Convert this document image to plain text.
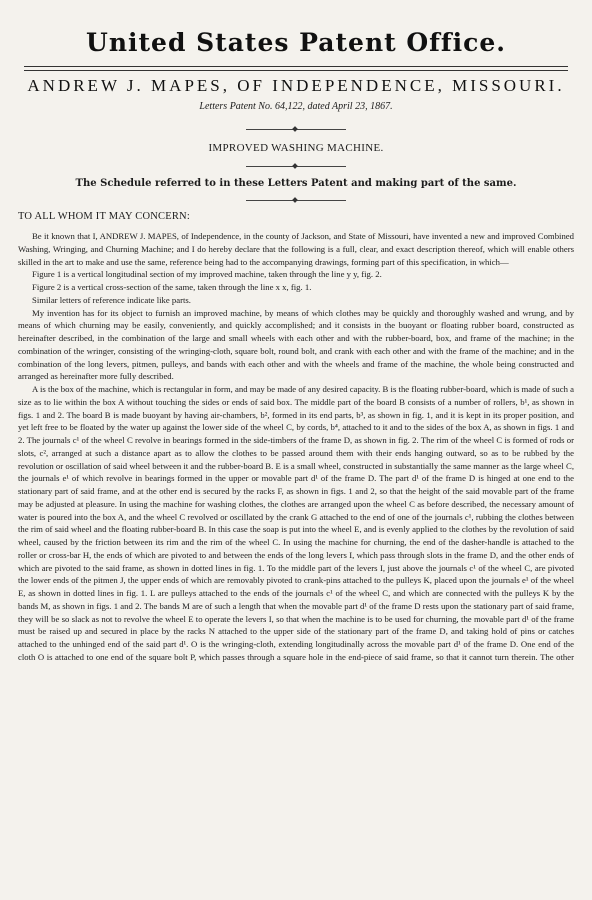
United States Patent Office.
ANDREW J. MAPES, OF INDEPENDENCE, MISSOURI.
Letters Patent No. 64,122, dated April 23, 1867.
IMPROVED WASHING MACHINE.
The Schedule referred to in these Letters Patent and making part of the same.
TO ALL WHOM IT MAY CONCERN:

Be it known that I, ANDREW J. MAPES, of Independence, in the county of Jackson, and State of Missouri, have invented a new and improved Combined Washing, Wringing, and Churning Machine; and I do hereby declare that the following is a full, clear, and exact description thereof, which will enable others skilled in the art to make and use the same, reference being had to the accompanying drawings, forming part of this specification, in which—

Figure 1 is a vertical longitudinal section of my improved machine, taken through the line y y, fig. 2.

Figure 2 is a vertical cross-section of the same, taken through the line x x, fig. 1.

Similar letters of reference indicate like parts.

My invention has for its object to furnish an improved machine, by means of which clothes may be quickly and thoroughly washed and wrung, and by means of which churning may be easily, conveniently, and quickly accomplished; and it consists in the buoyant or floating rubber board, constructed as hereinafter described, in the combination of the large and small wheels with each other and with the rubber-board, box, and frame of the machine; in the combination of the wringer, consisting of the wringing-cloth, square bolt, round bolt, and crank with each other and with the frame of the machine; and in the combination of the long levers, pitmen, pulleys, and bands with each other and with the wheels and frame of the machine, the whole being constructed and arranged as hereinafter more fully described.

A is the box of the machine, which is rectangular in form, and may be made of any desired capacity. B is the floating rubber-board, which is made of such a size as to lie within the box A without touching the sides or ends of said box. The middle part of the board B consists of a number of rollers, b¹, as shown in figs. 1 and 2. The board B is made buoyant by having air-chambers, b², formed in its end parts, b³, as shown in fig. 1, and it is kept in its proper position, and yet left free to be floated by the water up against the lower side of the wheel C, by cords, b⁴, attached to it and to the sides of the box A, as shown in figs. 1 and 2. The journals c¹ of the wheel C revolve in bearings formed in the side-timbers of the frame D, as shown in fig. 2. The rim of the wheel C is formed of rods or slots, c², arranged at such a distance apart as to allow the clothes to be passed around them with their ends hanging outward, so as to be rubbed by the revolution or oscillation of said wheel between it and the rubber-board B. E is a small wheel, constructed in substantially the same manner as the large wheel C, the journals e¹ of which revolve in bearings formed in the upper or movable part d¹ of the frame D. The part d¹ of the frame D is hinged at one end to the stationary part of said frame, and at the other end is secured by the racks F, as shown in figs. 1 and 2, so that the height of the said movable part of the frame may be adjusted at pleasure. In using the machine for washing clothes, the clothes are arranged upon the wheel C as before described, the necessary amount of water is poured into the box A, and the wheel C revolved or oscillated by the crank G attached to the end of one of the journals c¹, rubbing the clothes between the rim of said wheel and the floating rubber-board B. In this case the soap is put into the wheel E, and is evenly applied to the clothes by the revolution of said wheel, caused by the friction between its rim and the rim of the wheel C. In using the machine for churning, the end of the dasher-handle is attached to the roller or cross-bar H, the ends of which are pivoted to and between the ends of the long levers I, which pass through slots in the frame D, and the other ends of which are pivoted to the said frame, as shown in dotted lines in fig. 1. To the middle part of the levers I, just above the journals c¹ of the wheel C, are pivoted the lower ends of the pitmen J, the upper ends of which are removably pivoted to crank-pins attached to the pulleys K, placed upon the journals e¹ of the wheel E, as shown in dotted lines in fig. 1. L are pulleys attached to the ends of the journals c¹ of the wheel C, and which are connected with the pulleys K by the bands M, as shown in figs. 1 and 2. The bands M are of such a length that when the movable part d¹ of the frame D rests upon the stationary part of said frame, they will be so slack as not to revolve the wheel E to operate the levers I, so that when the machine is to be used for churning, the movable part d¹ of the frame must be raised up and secured in place by the racks N attached to the upper side of the stationary part of the frame D, and taking hold of pins or catches attached to the unhinged end of the said part d¹. O is the wringing-cloth, extending longitudinally across the movable part d¹ of the frame D. One end of the cloth O is attached to one end of the square bolt P, which passes through a square hole in the end-piece of said frame, so that it cannot turn therein. The other
